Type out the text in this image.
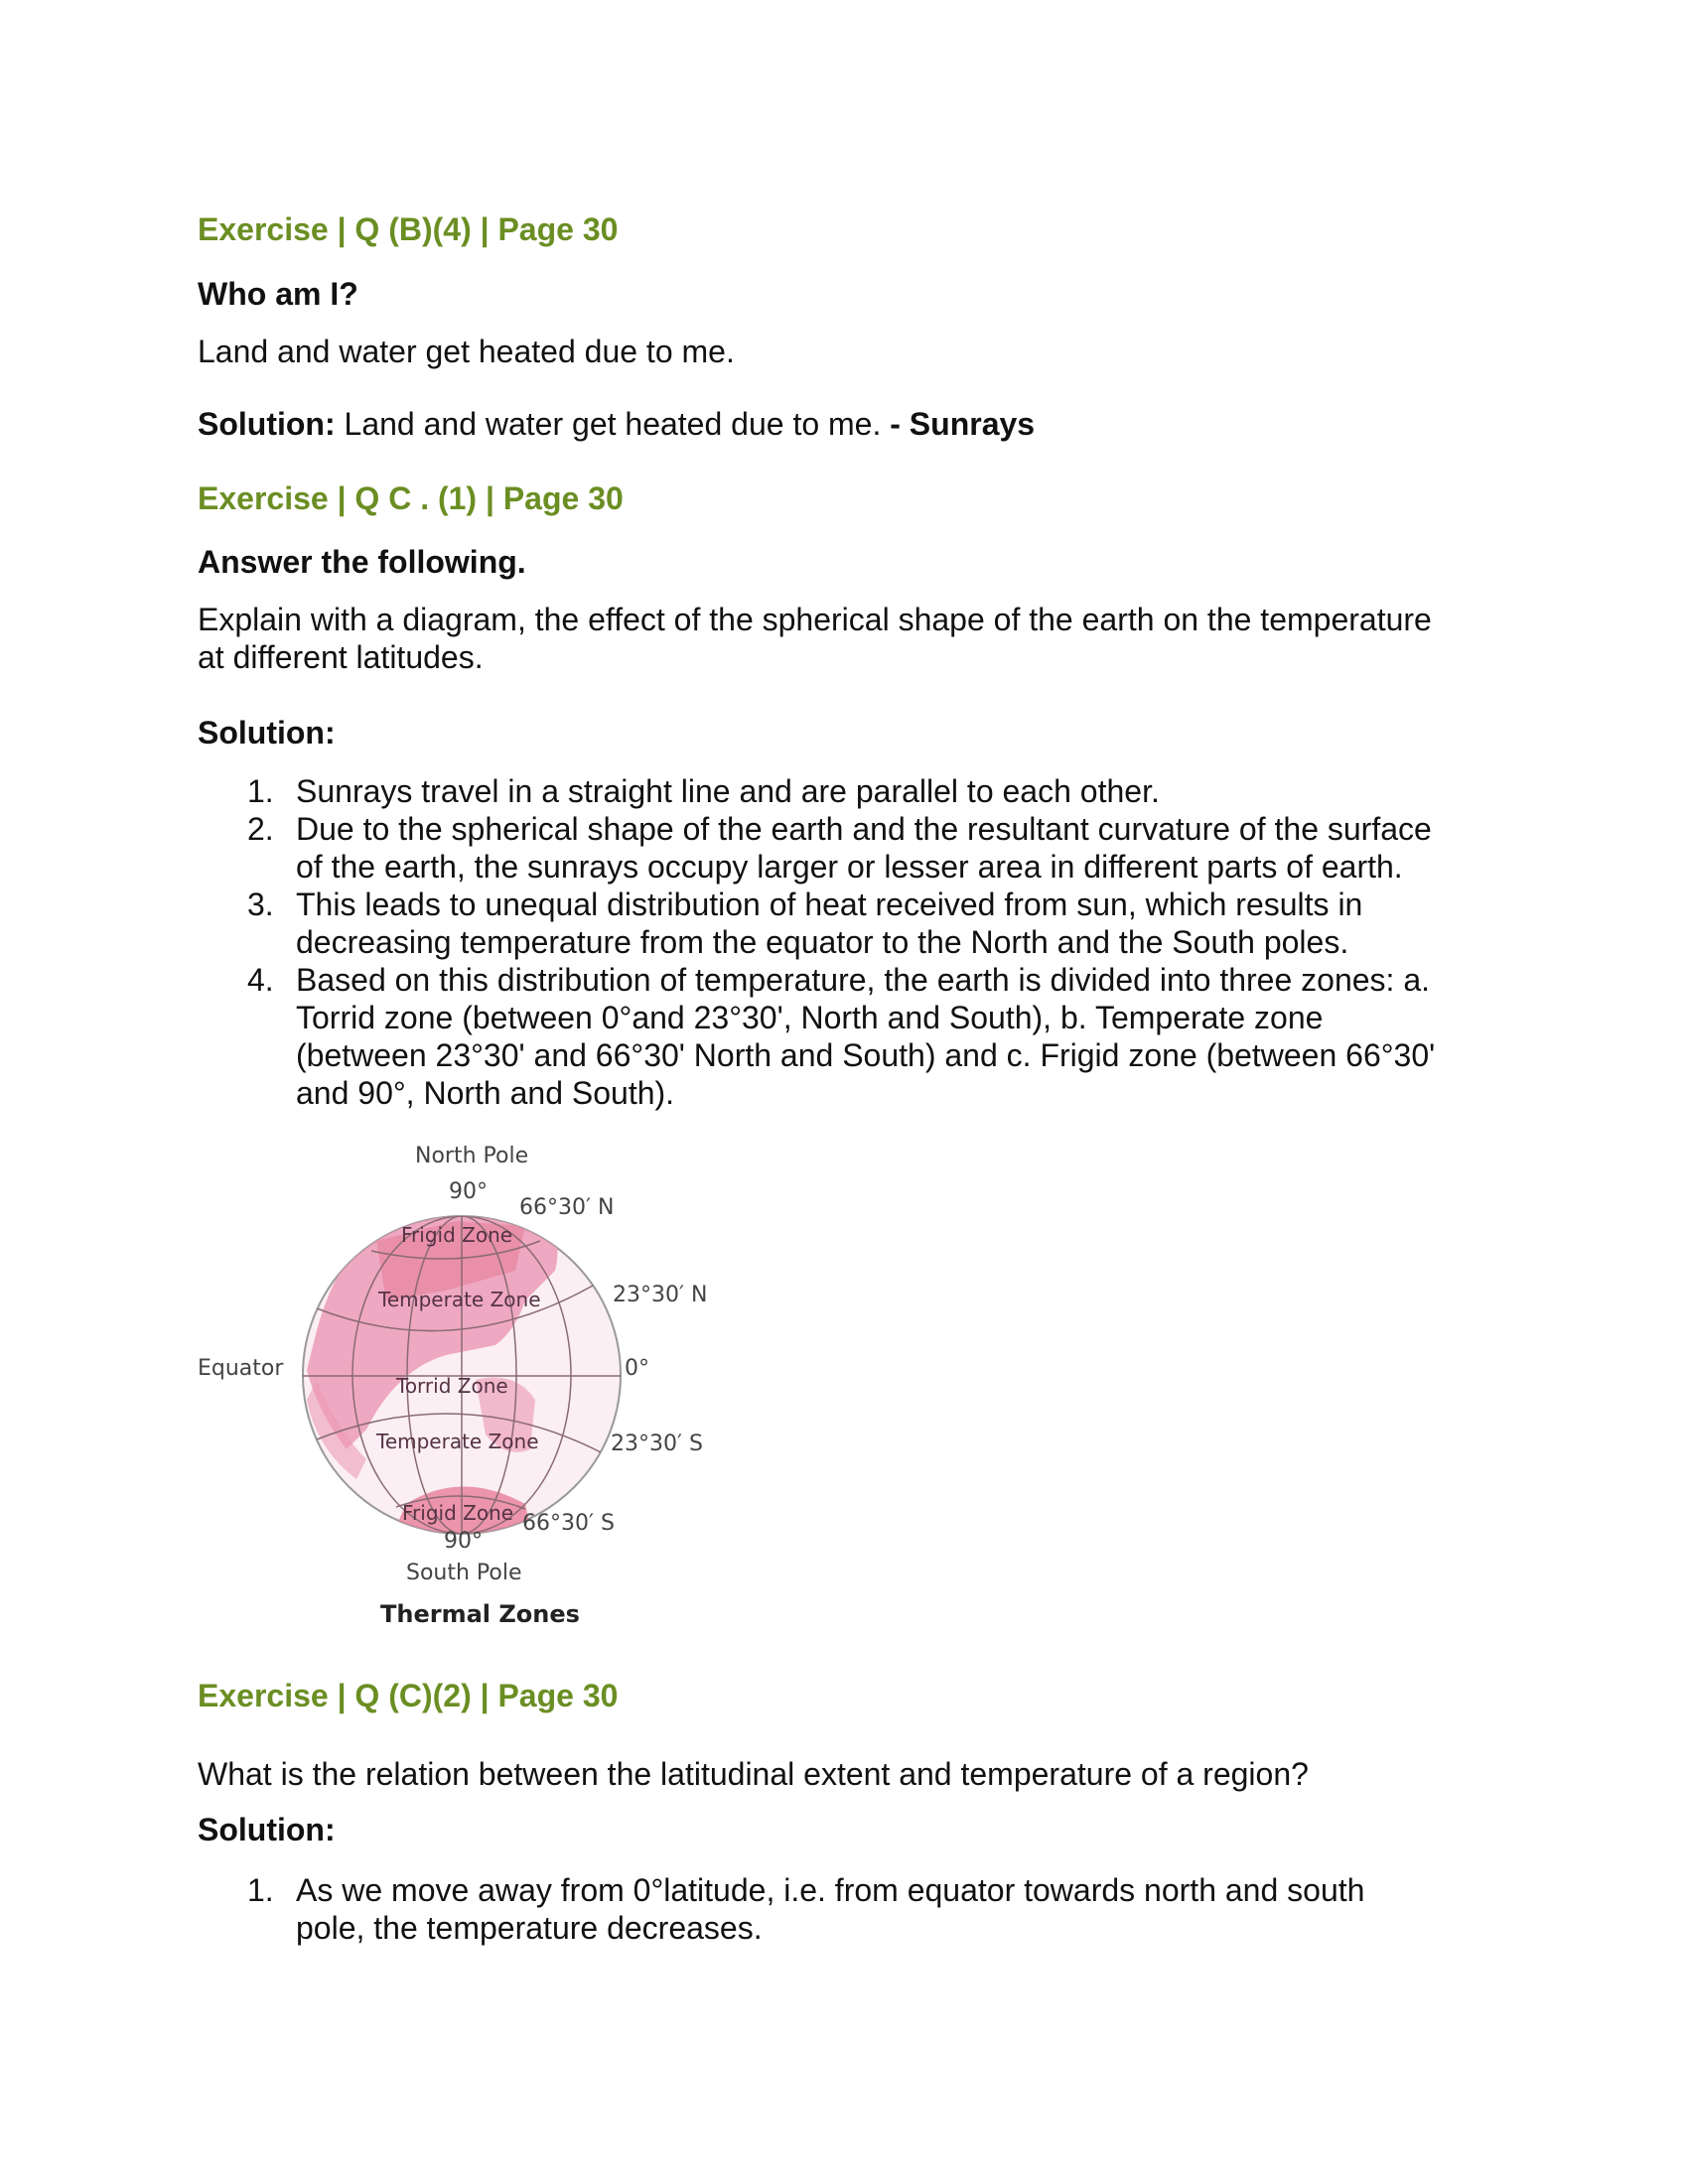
Exercise | Q (B)(4) | Page 30
Who am I?
Land and water get heated due to me.
Solution: Land and water get heated due to me. - Sunrays
Exercise | Q C . (1) | Page 30
Answer the following.
Explain with a diagram, the effect of the spherical shape of the earth on the temperature
at different latitudes.
Solution:
1. Sunrays travel in a straight line and are parallel to each other.
2. Due to the spherical shape of the earth and the resultant curvature of the surface
of the earth, the sunrays occupy larger or lesser area in different parts of earth.
3. This leads to unequal distribution of heat received from sun, which results in
decreasing temperature from the equator to the North and the South poles.
4. Based on this distribution of temperature, the earth is divided into three zones: a.
Torrid zone (between 0°and 23°30', North and South), b. Temperate zone
(between 23°30' and 66°30' North and South) and c. Frigid zone (between 66°30'
and 90°, North and South).
North Pole
90°
66°30′ N
23°30′ N
Equator	0°
23°30′ S
66°30′ S
90°
South Pole
Frigid Zone
Temperate Zone
Torrid Zone
Temperate Zone
Frigid Zone
Thermal Zones
Exercise | Q (C)(2) | Page 30
What is the relation between the latitudinal extent and temperature of a region?
Solution:
1. As we move away from 0°latitude, i.e. from equator towards north and south
pole, the temperature decreases.
